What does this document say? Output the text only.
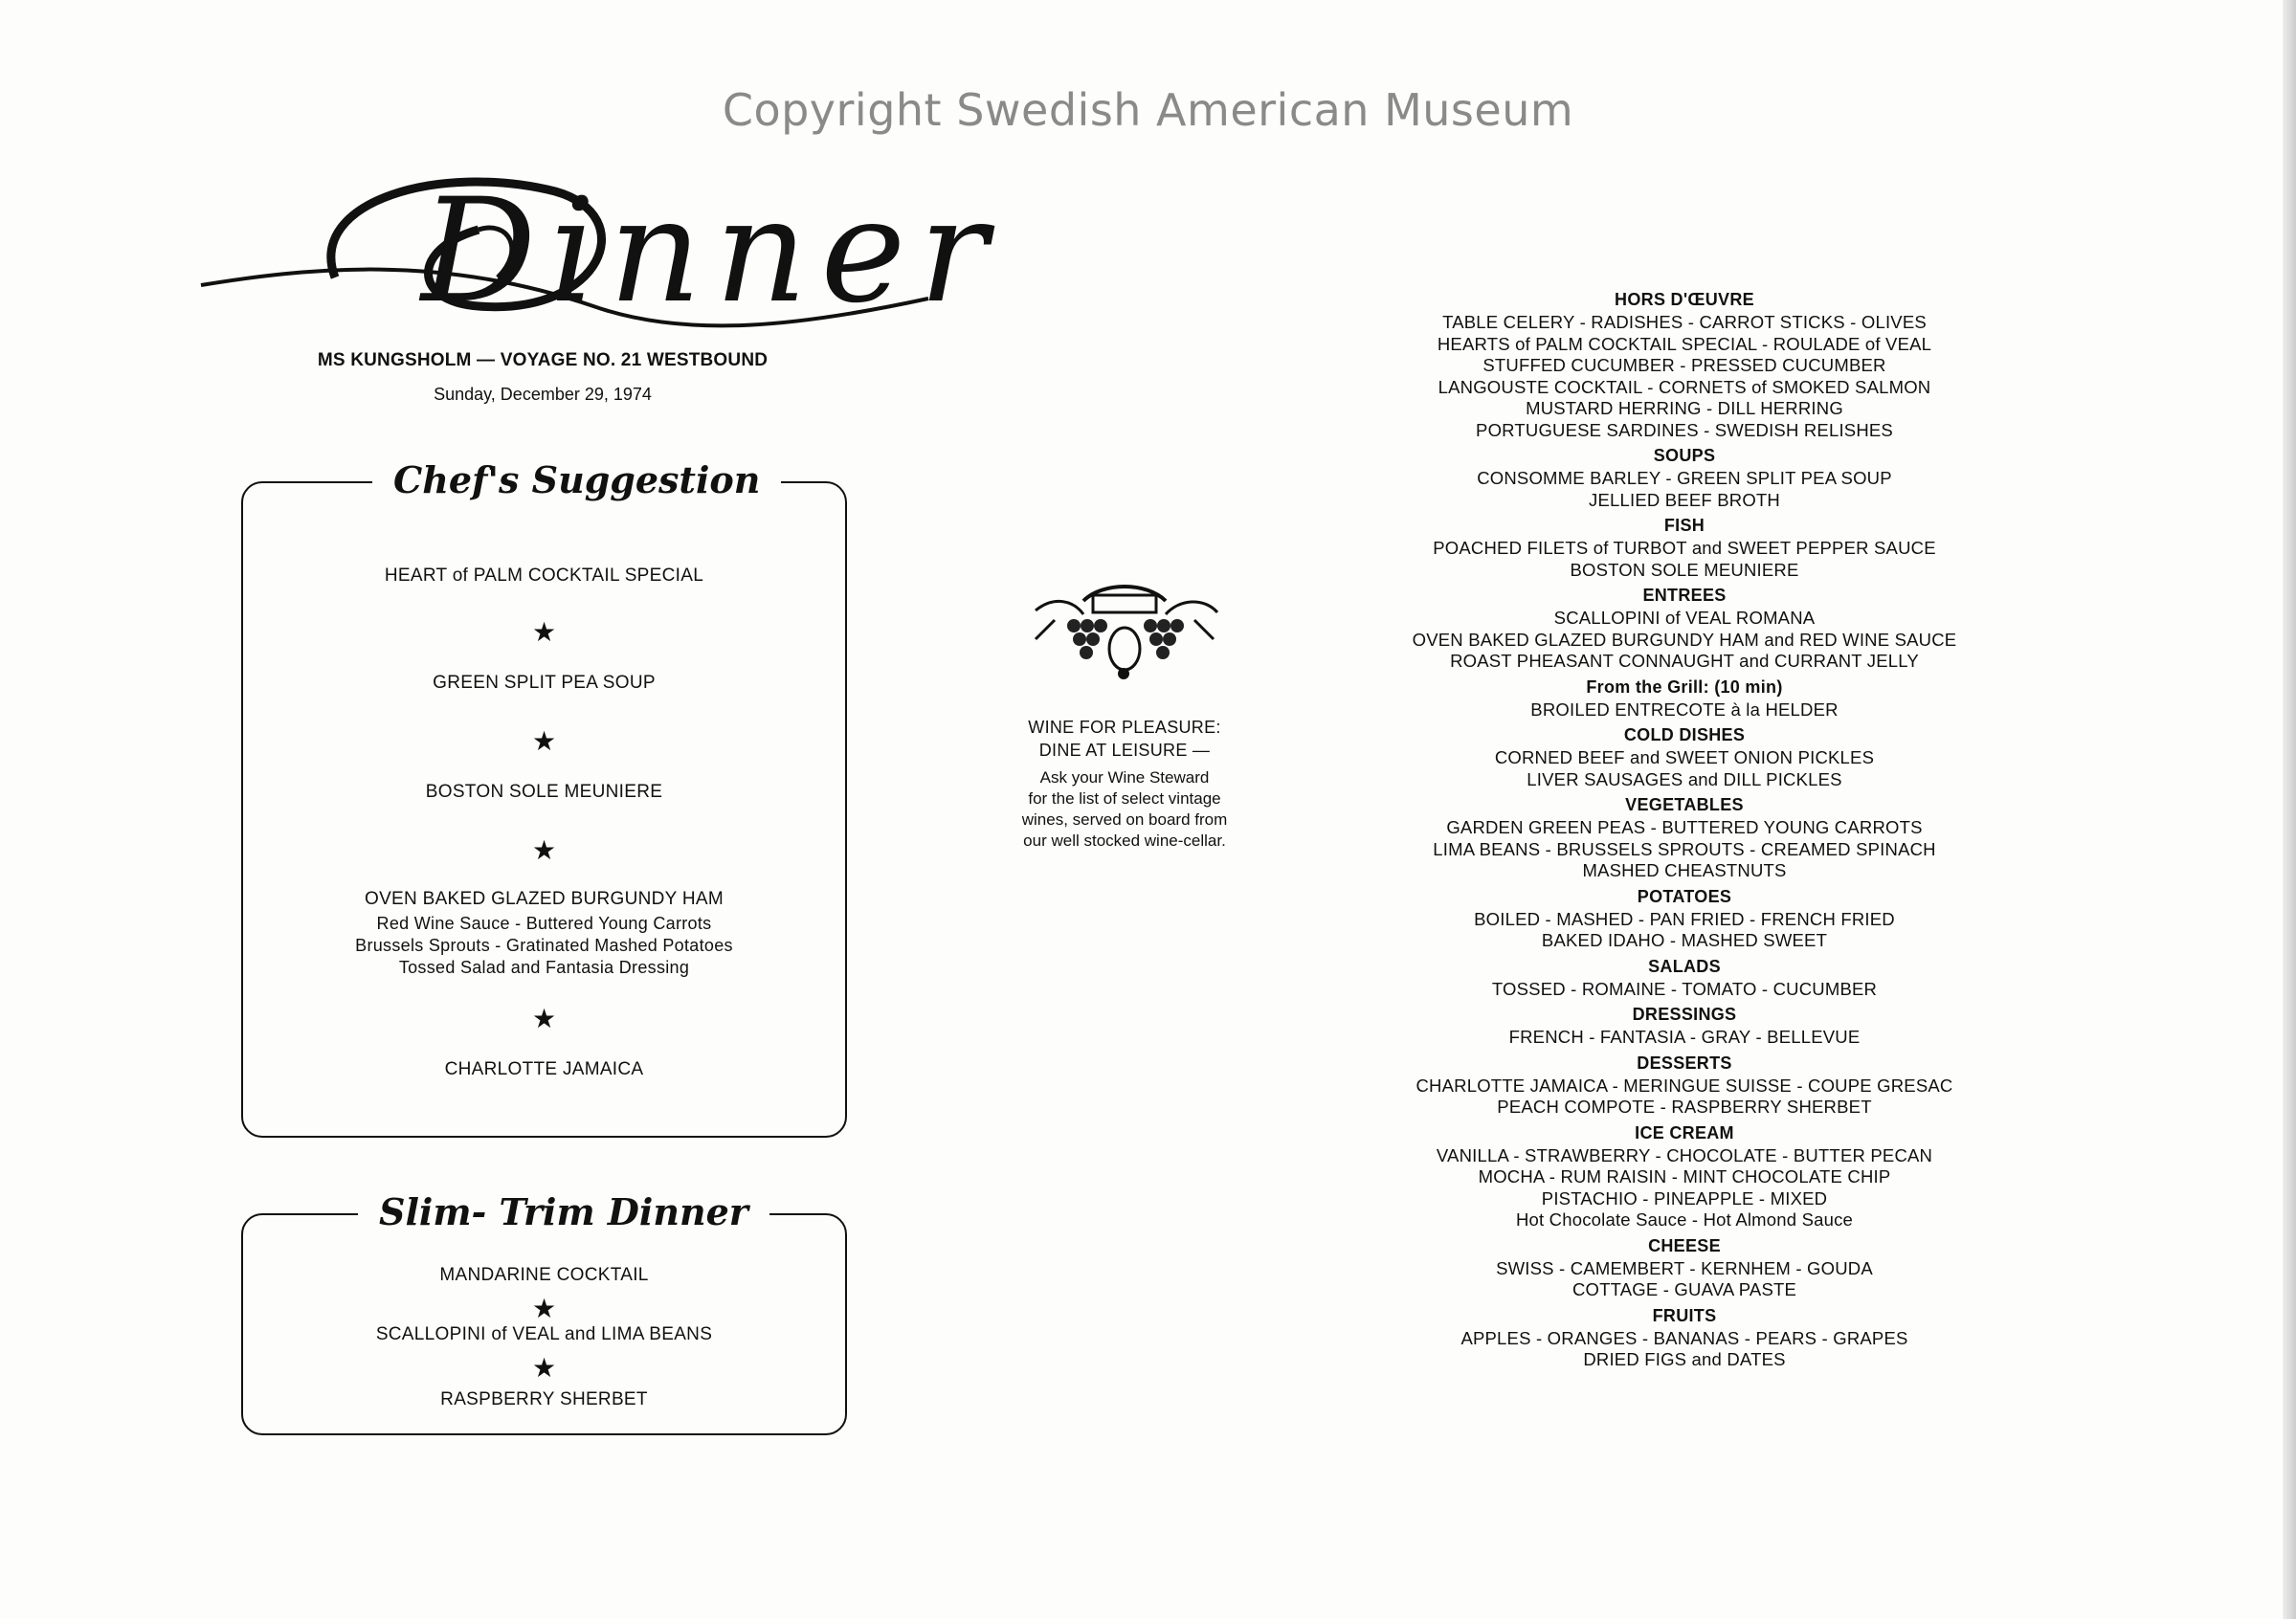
Copyright Swedish American Museum
Dinner
MS KUNGSHOLM — VOYAGE NO. 21 WESTBOUND
Sunday, December 29, 1974
Chef's Suggestion
HEART of PALM COCKTAIL SPECIAL
★
GREEN SPLIT PEA SOUP
★
BOSTON SOLE MEUNIERE
★
OVEN BAKED GLAZED BURGUNDY HAM
Red Wine Sauce - Buttered Young Carrots
Brussels Sprouts - Gratinated Mashed Potatoes
Tossed Salad and Fantasia Dressing
★
CHARLOTTE JAMAICA
Slim- Trim Dinner
MANDARINE COCKTAIL
★
SCALLOPINI of VEAL and LIMA BEANS
★
RASPBERRY SHERBET
WINE FOR PLEASURE:
DINE AT LEISURE —
Ask your Wine Steward
for the list of select vintage
wines, served on board from
our well stocked wine-cellar.
HORS D'ŒUVRE
TABLE CELERY - RADISHES - CARROT STICKS - OLIVES
HEARTS of PALM COCKTAIL SPECIAL - ROULADE of VEAL
STUFFED CUCUMBER - PRESSED CUCUMBER
LANGOUSTE COCKTAIL - CORNETS of SMOKED SALMON
MUSTARD HERRING - DILL HERRING
PORTUGUESE SARDINES - SWEDISH RELISHES
SOUPS
CONSOMME BARLEY - GREEN SPLIT PEA SOUP
JELLIED BEEF BROTH
FISH
POACHED FILETS of TURBOT and SWEET PEPPER SAUCE
BOSTON SOLE MEUNIERE
ENTREES
SCALLOPINI of VEAL ROMANA
OVEN BAKED GLAZED BURGUNDY HAM and RED WINE SAUCE
ROAST PHEASANT CONNAUGHT and CURRANT JELLY
From the Grill: (10 min)
BROILED ENTRECOTE à la HELDER
COLD DISHES
CORNED BEEF and SWEET ONION PICKLES
LIVER SAUSAGES and DILL PICKLES
VEGETABLES
GARDEN GREEN PEAS - BUTTERED YOUNG CARROTS
LIMA BEANS - BRUSSELS SPROUTS - CREAMED SPINACH
MASHED CHEASTNUTS
POTATOES
BOILED - MASHED - PAN FRIED - FRENCH FRIED
BAKED IDAHO - MASHED SWEET
SALADS
TOSSED - ROMAINE - TOMATO - CUCUMBER
DRESSINGS
FRENCH - FANTASIA - GRAY - BELLEVUE
DESSERTS
CHARLOTTE JAMAICA - MERINGUE SUISSE - COUPE GRESAC
PEACH COMPOTE - RASPBERRY SHERBET
ICE CREAM
VANILLA - STRAWBERRY - CHOCOLATE - BUTTER PECAN
MOCHA - RUM RAISIN - MINT CHOCOLATE CHIP
PISTACHIO - PINEAPPLE - MIXED
Hot Chocolate Sauce - Hot Almond Sauce
CHEESE
SWISS - CAMEMBERT - KERNHEM - GOUDA
COTTAGE - GUAVA PASTE
FRUITS
APPLES - ORANGES - BANANAS - PEARS - GRAPES
DRIED FIGS and DATES
